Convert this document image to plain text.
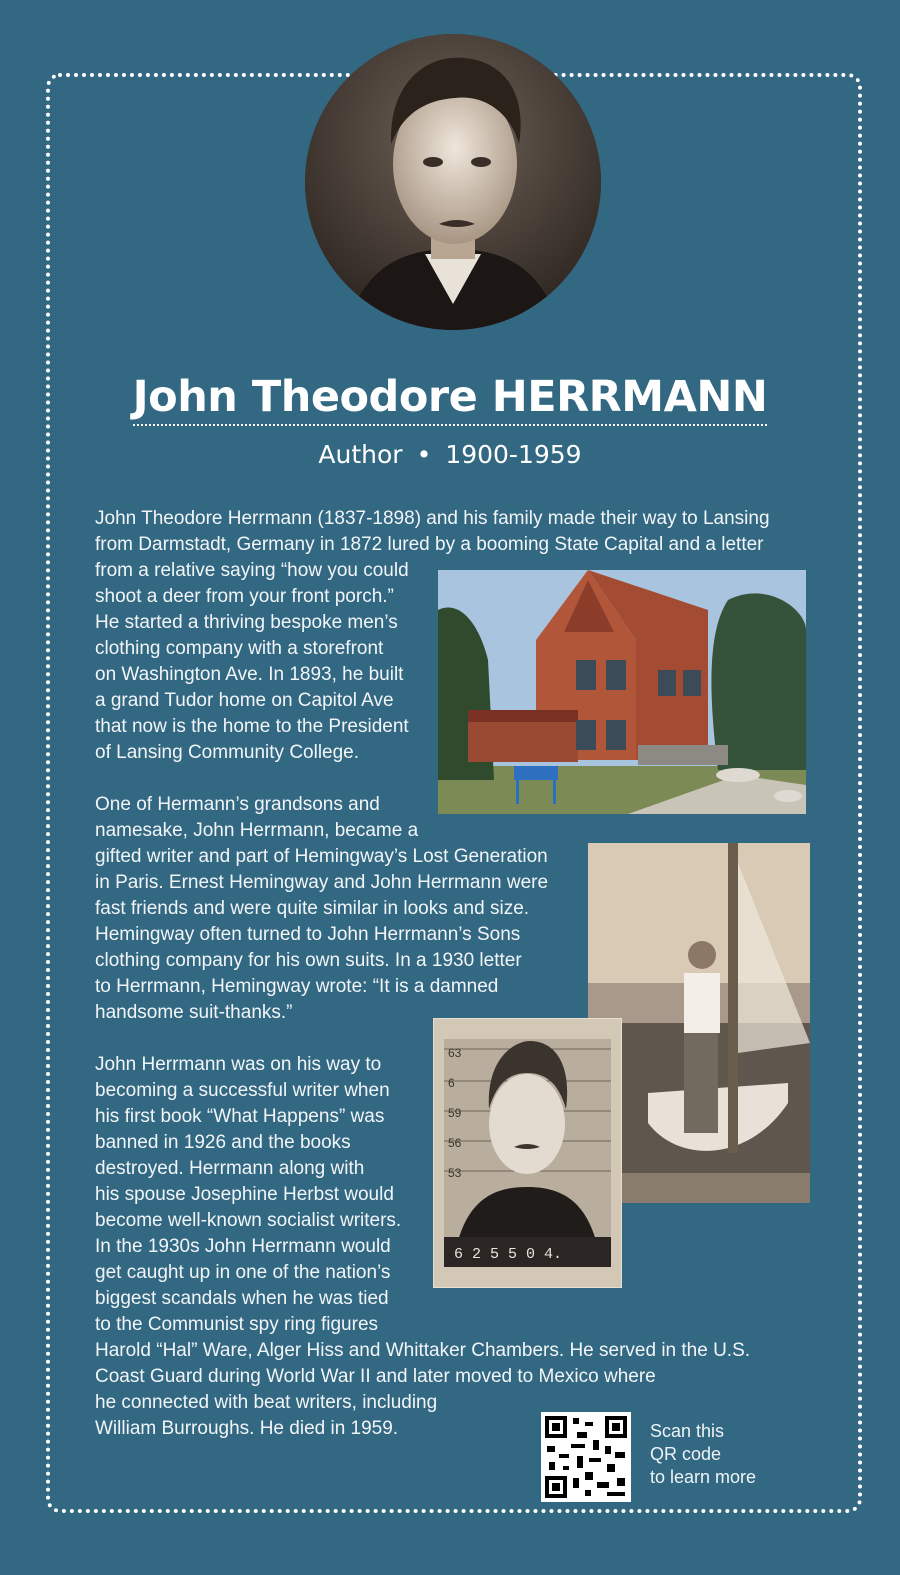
John Theodore HERRMANN
Author • 1900-1959
John Theodore Herrmann (1837-1898) and his family made their way to Lansing
from Darmstadt, Germany in 1872 lured by a booming State Capital and a letter
from a relative saying “how you could
shoot a deer from your front porch.”
He started a thriving bespoke men’s
clothing company with a storefront
on Washington Ave. In 1893, he built
a grand Tudor home on Capitol Ave
that now is the home to the President
of Lansing Community College.
One of Hermann’s grandsons and
namesake, John Herrmann, became a
gifted writer and part of Hemingway’s Lost Generation
in Paris. Ernest Hemingway and John Herrmann were
fast friends and were quite similar in looks and size.
Hemingway often turned to John Herrmann’s Sons
clothing company for his own suits. In a 1930 letter
to Herrmann, Hemingway wrote: “It is a damned
handsome suit-thanks.”
John Herrmann was on his way to
becoming a successful writer when
his first book “What Happens” was
banned in 1926 and the books
destroyed. Herrmann along with
his spouse Josephine Herbst would
become well-known socialist writers.
In the 1930s John Herrmann would
get caught up in one of the nation’s
biggest scandals when he was tied
to the Communist spy ring figures
Harold “Hal” Ware, Alger Hiss and Whittaker Chambers. He served in the U.S.
Coast Guard during World War II and later moved to Mexico where
he connected with beat writers, including
William Burroughs. He died in 1959.
63
6
59
56
53
6 2 5 5 0 4.
Scan this
QR code
to learn more
